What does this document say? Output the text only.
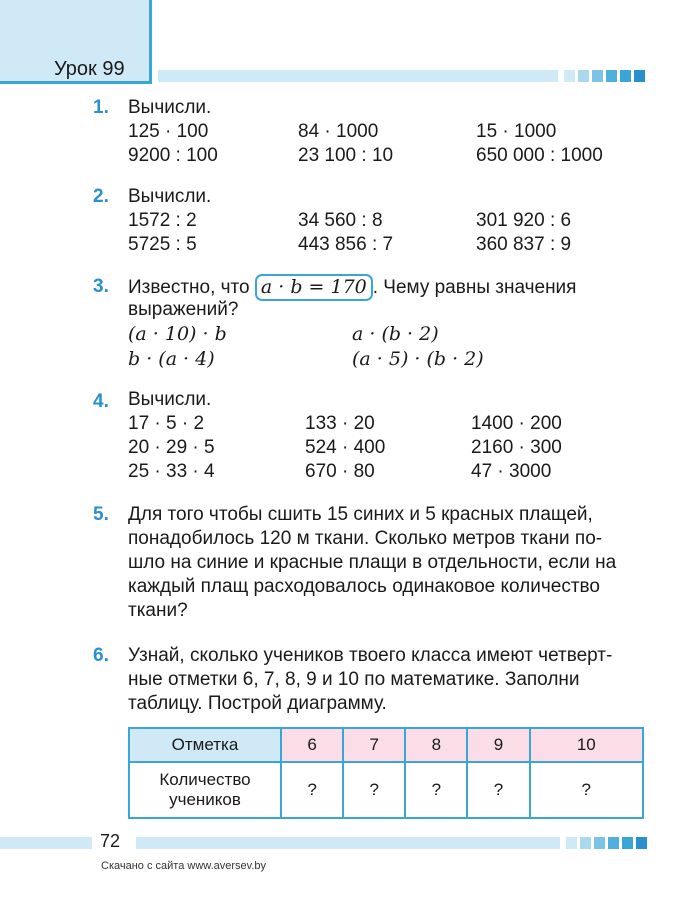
Урок 99
1. Вычисли.
125 · 100	84 · 1000	15 · 1000
9200 : 100	23 100 : 10	650 000 : 1000
2. Вычисли.
1572 : 2	34 560 : 8	301 920 : 6
5725 : 5	443 856 : 7	360 837 : 9
3. Известно, что a · b = 170 . Чему равны значения
выражений?
(a · 10) · b	a · (b · 2)
b · (a · 4)	(a · 5) · (b · 2)
4. Вычисли.
17 · 5 · 2	133 · 20	1400 · 200
20 · 29 · 5	524 · 400	2160 · 300
25 · 33 · 4	670 · 80	47 · 3000
5. Для того чтобы сшить 15 синих и 5 красных плащей,
понадобилось 120 м ткани. Сколько метров ткани по-
шло на синие и красные плащи в отдельности, если на
каждый плащ расходовалось одинаковое количество
ткани?
6. Узнай, сколько учеников твоего класса имеют четверт-
ные отметки 6, 7, 8, 9 и 10 по математике. Заполни
таблицу. Построй диаграмму.
Отметка	6	7	8	9	10

Количество
учеников	?	?	?	?	?
72
Скачано с сайта www.aversev.by
